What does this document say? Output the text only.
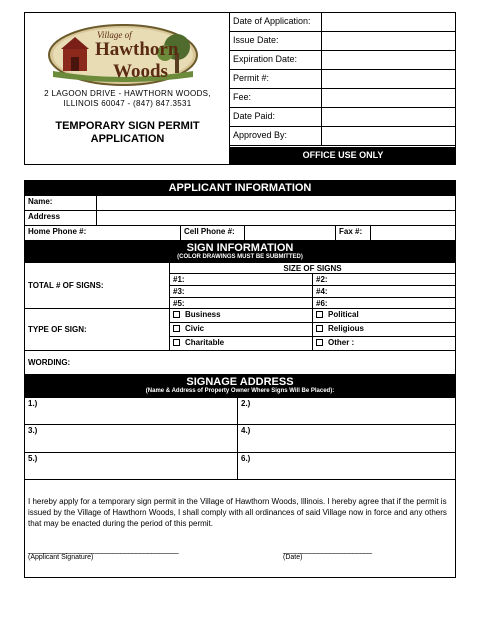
Village of
Hawthorn
Woods
2 LAGOON DRIVE - HAWTHORN WOODS,
ILLINOIS 60047 - (847) 847.3531
TEMPORARY SIGN PERMIT
APPLICATION
Date of Application:
Issue Date:
Expiration Date:
Permit #:
Fee:
Date Paid:
Approved By:
OFFICE USE ONLY
APPLICANT INFORMATION
Name:
Address
Home Phone #:	Cell Phone #:	Fax #:
SIGN INFORMATION
(COLOR DRAWINGS MUST BE SUBMITTED)
TOTAL # OF SIGNS:
SIZE OF SIGNS
#1:	#2:
#3:	#4:
#5:	#6:
TYPE OF SIGN:
Business	Political
Civic	Religious
Charitable	Other :
WORDING:
SIGNAGE ADDRESS
(Name & Address of Property Owner Where Signs Will Be Placed):
1.)	2.)
3.)	4.)
5.)	6.)
I hereby apply for a temporary sign permit in the Village of Hawthorn Woods, Illinois. I hereby agree that if the permit is issued by the Village of Hawthorn Woods, I shall comply with all ordinances of said Village now in force and any others that may be enacted during the period of this permit.
_______________________________________	_______________________
(Applicant Signature)	(Date)
